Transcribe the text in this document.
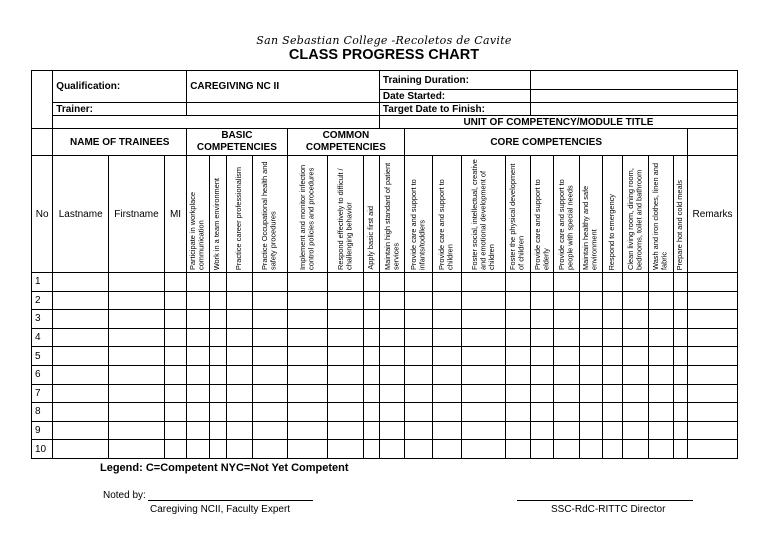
San Sebastian College -Recoletos de Cavite
CLASS PROGRESS CHART
	Qualification:			CAREGIVING NC II							Training Duration:												
											Date Started:												
	Trainer:										Target Date to Finish:												
											UNIT OF COMPETENCY/MODULE TITLE												
	NAME OF TRAINEES			BASIC COMPETENCIES				COMMON COMPETENCIES				CORE COMPETENCIES											
No	Lastname	Firstname	MI	Participate in workplace communication	Work in a team environment	Practice career professionalism	Practice Occupational health and safety procedures	Implement and monitor infection control policies and procedures	Respond effectively to difficult / challenging behavior	Apply basic first aid	Maintain high standard of patient services	Provide care and support to infants/toddlers	Provide care and support to children	Foster social, intellectual, creative and emotional development of children	Foster the physical development of children	Provide care and support to elderly	Provide care and support to people with special needs	Maintain healthy and safe environment	Respond to emergency	Clean living room, dining room, bedrooms, toilet and bathroom	Wash and iron clothes, linen and fabric	Prepare hot and cold meals	Remarks
1																							
2																							
3																							
4																							
5																							
6																							
7																							
8																							
9																							
10																							
Legend: C=Competent NYC=Not Yet Competent
Noted by:
Caregiving NCII, Faculty Expert	SSC-RdC-RITTC Director
